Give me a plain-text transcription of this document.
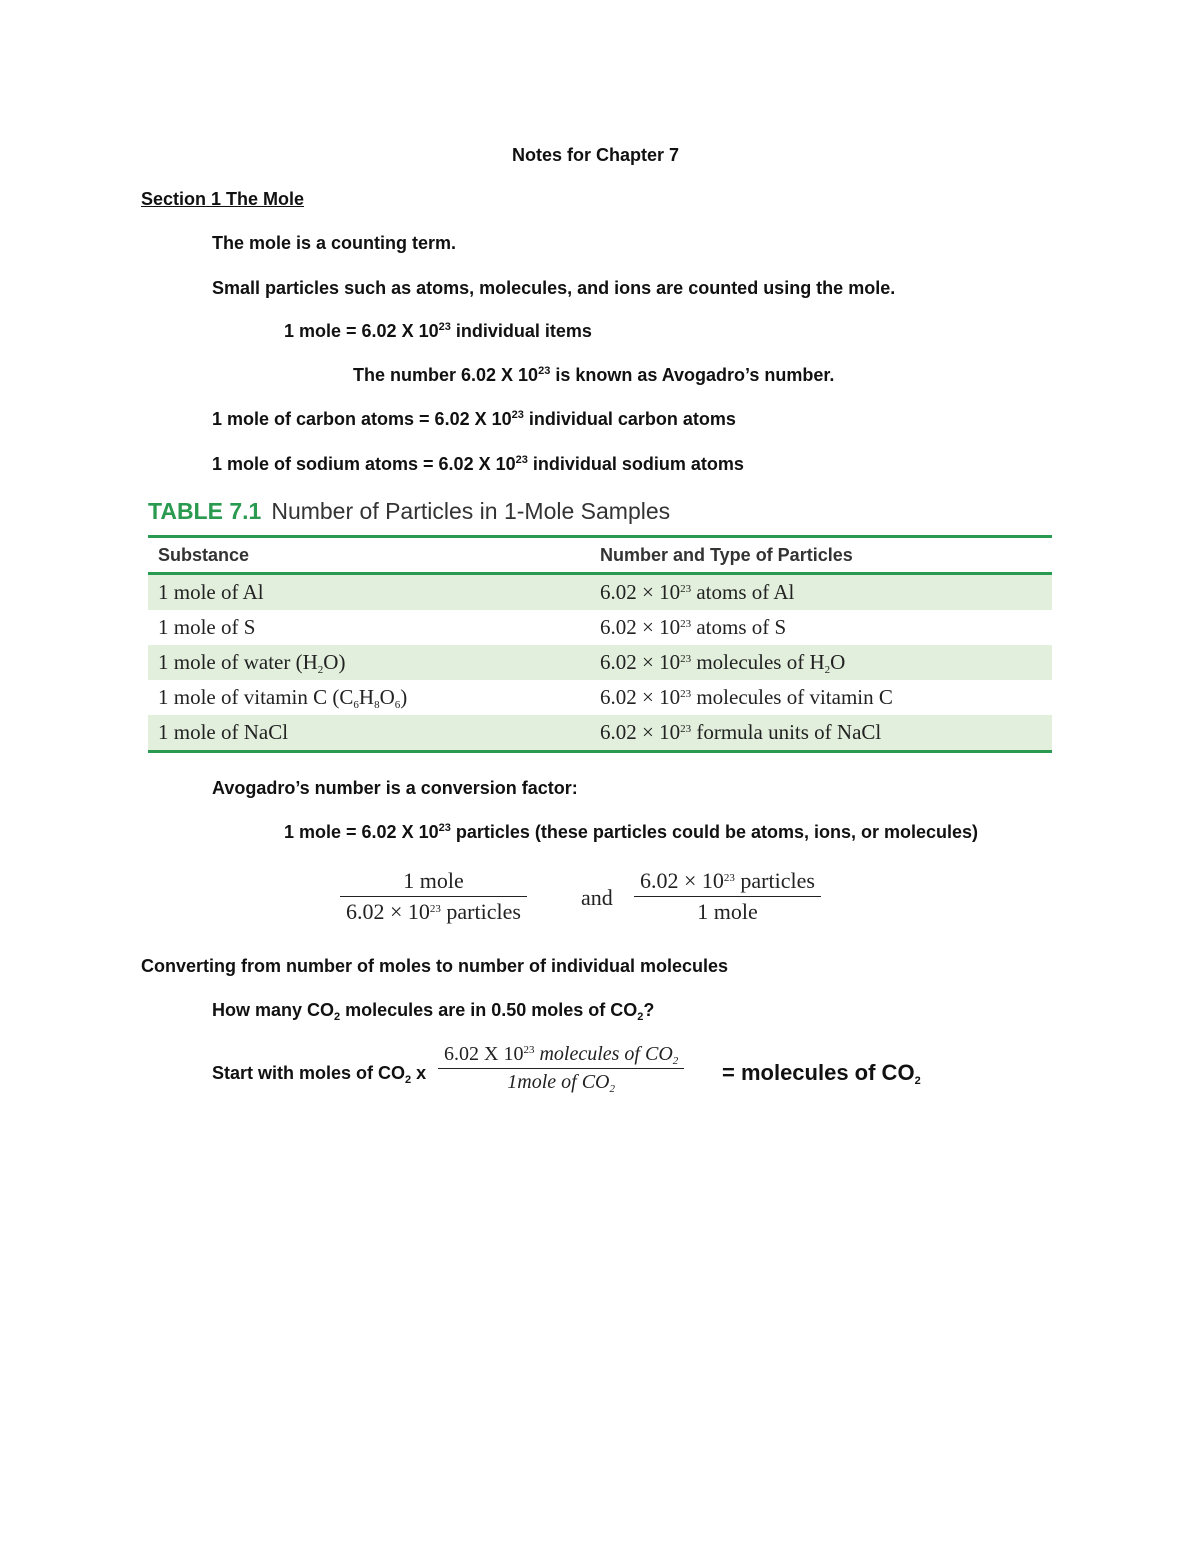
Notes for Chapter 7
Section 1 The Mole
The mole is a counting term.
Small particles such as atoms, molecules, and ions are counted using the mole.
1 mole = 6.02 X $10^{23}$ individual items
The number 6.02 X $10^{23}$ is known as Avogadro’s number.
1 mole of carbon atoms = 6.02 X $10^{23}$ individual carbon atoms
1 mole of sodium atoms = 6.02 X $10^{23}$ individual sodium atoms
TABLE 7.1 Number of Particles in 1-Mole Samples
Substance	Number and Type of Particles
1 mole of Al	$6.02 \times 10^{23}$ atoms of Al
1 mole of S	$6.02 \times 10^{23}$ atoms of S
1 mole of water $(H_2O)$	$6.02 \times 10^{23}$ molecules of $H_2O$
1 mole of vitamin C $(C_6H_8O_6)$	$6.02 \times 10^{23}$ molecules of vitamin C
1 mole of NaCl	$6.02 \times 10^{23}$ formula units of NaCl
Avogadro’s number is a conversion factor:
1 mole = 6.02 X $10^{23}$ particles (these particles could be atoms, ions, or molecules)
1 mole
$6.02 \times 10^{23}$ particles
and
$6.02 \times 10^{23}$ particles
1 mole
Converting from number of moles to number of individual molecules
How many $CO_2$ molecules are in 0.50 moles of $CO_2$?
Start with moles of $CO_2$ x
6.02 X $10^{23}$ molecules of $CO_2$
1mole of $CO_2$
= molecules of $CO_2$
